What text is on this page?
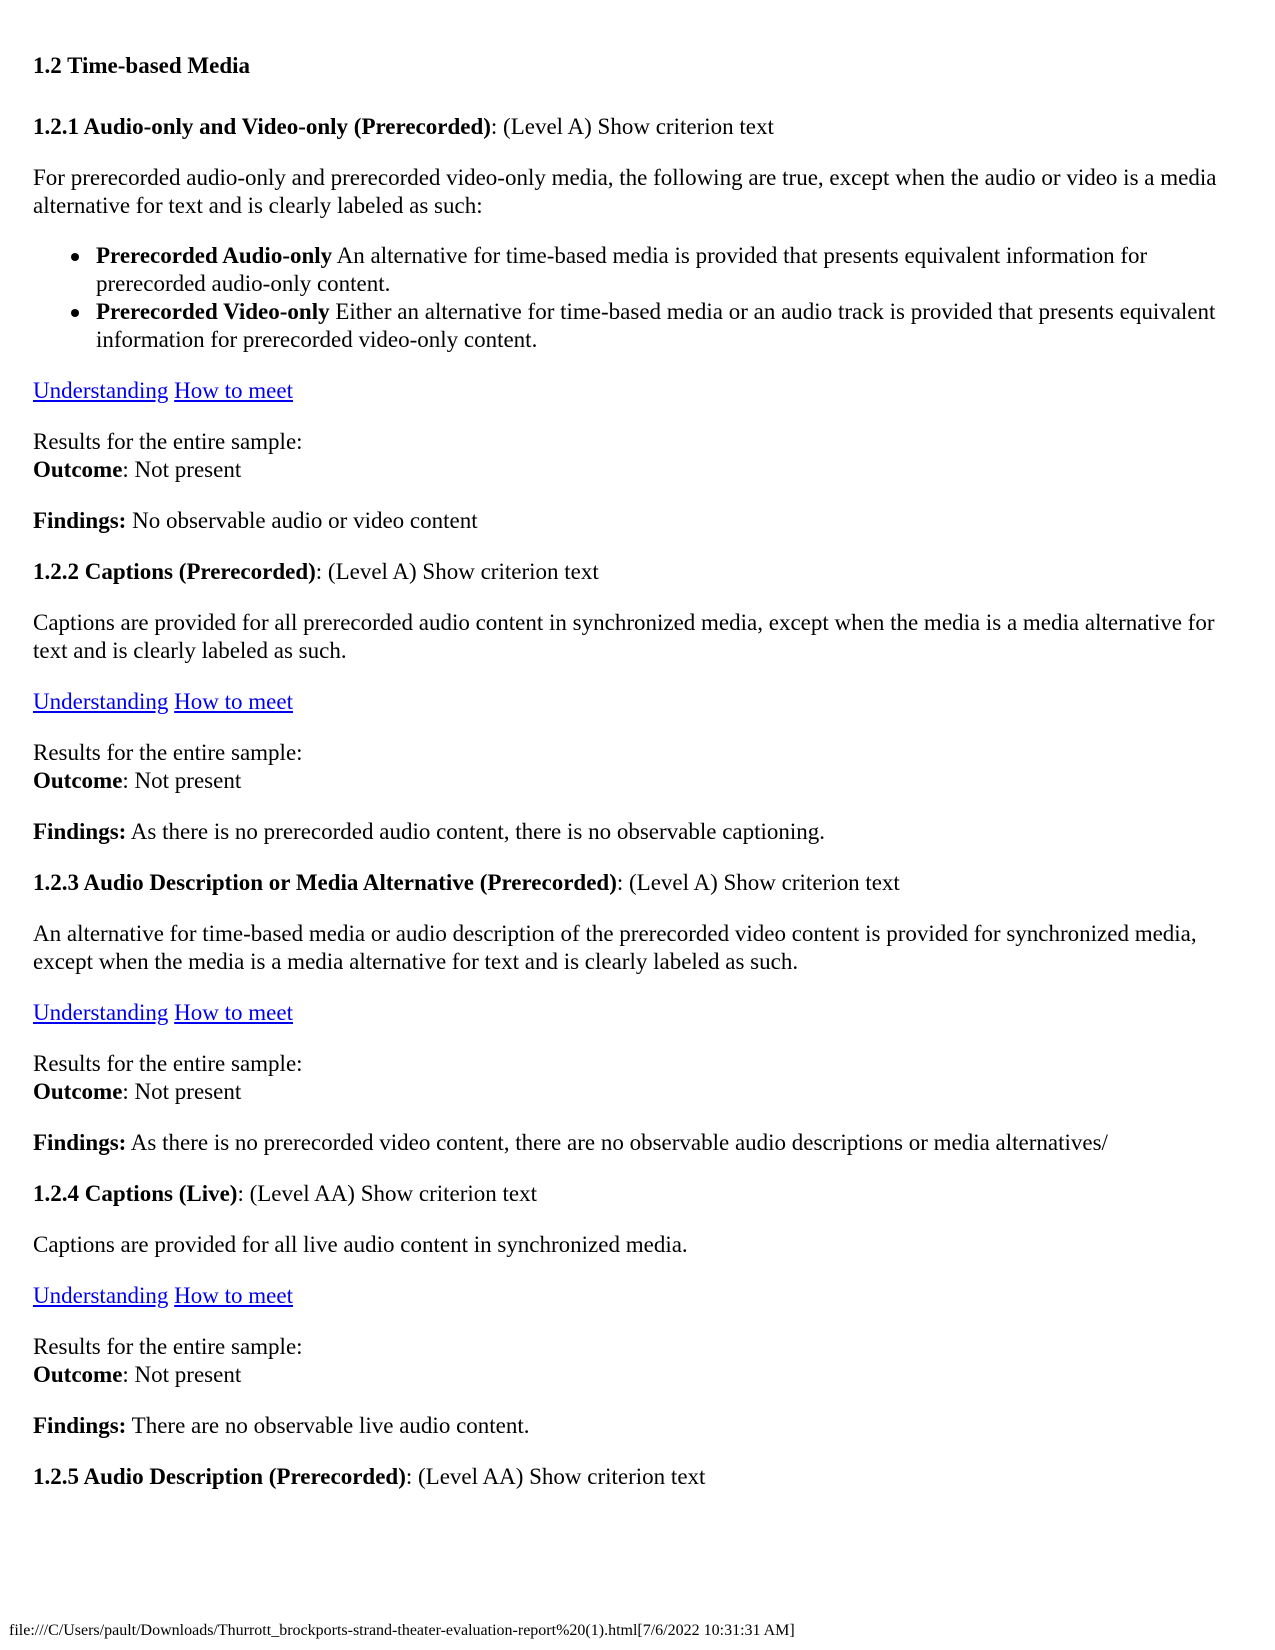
1.2 Time-based Media
1.2.1 Audio-only and Video-only (Prerecorded): (Level A) Show criterion text
For prerecorded audio-only and prerecorded video-only media, the following are true, except when the audio or video is a media alternative for text and is clearly labeled as such:
Prerecorded Audio-only An alternative for time-based media is provided that presents equivalent information for prerecorded audio-only content.
Prerecorded Video-only Either an alternative for time-based media or an audio track is provided that presents equivalent information for prerecorded video-only content.
Understanding How to meet
Results for the entire sample:
Outcome: Not present
Findings: No observable audio or video content
1.2.2 Captions (Prerecorded): (Level A) Show criterion text
Captions are provided for all prerecorded audio content in synchronized media, except when the media is a media alternative for text and is clearly labeled as such.
Understanding How to meet
Results for the entire sample:
Outcome: Not present
Findings: As there is no prerecorded audio content, there is no observable captioning.
1.2.3 Audio Description or Media Alternative (Prerecorded): (Level A) Show criterion text
An alternative for time-based media or audio description of the prerecorded video content is provided for synchronized media, except when the media is a media alternative for text and is clearly labeled as such.
Understanding How to meet
Results for the entire sample:
Outcome: Not present
Findings: As there is no prerecorded video content, there are no observable audio descriptions or media alternatives/
1.2.4 Captions (Live): (Level AA) Show criterion text
Captions are provided for all live audio content in synchronized media.
Understanding How to meet
Results for the entire sample:
Outcome: Not present
Findings: There are no observable live audio content.
1.2.5 Audio Description (Prerecorded): (Level AA) Show criterion text
file:///C/Users/pault/Downloads/Thurrott_brockports-strand-theater-evaluation-report%20(1).html[7/6/2022 10:31:31 AM]
